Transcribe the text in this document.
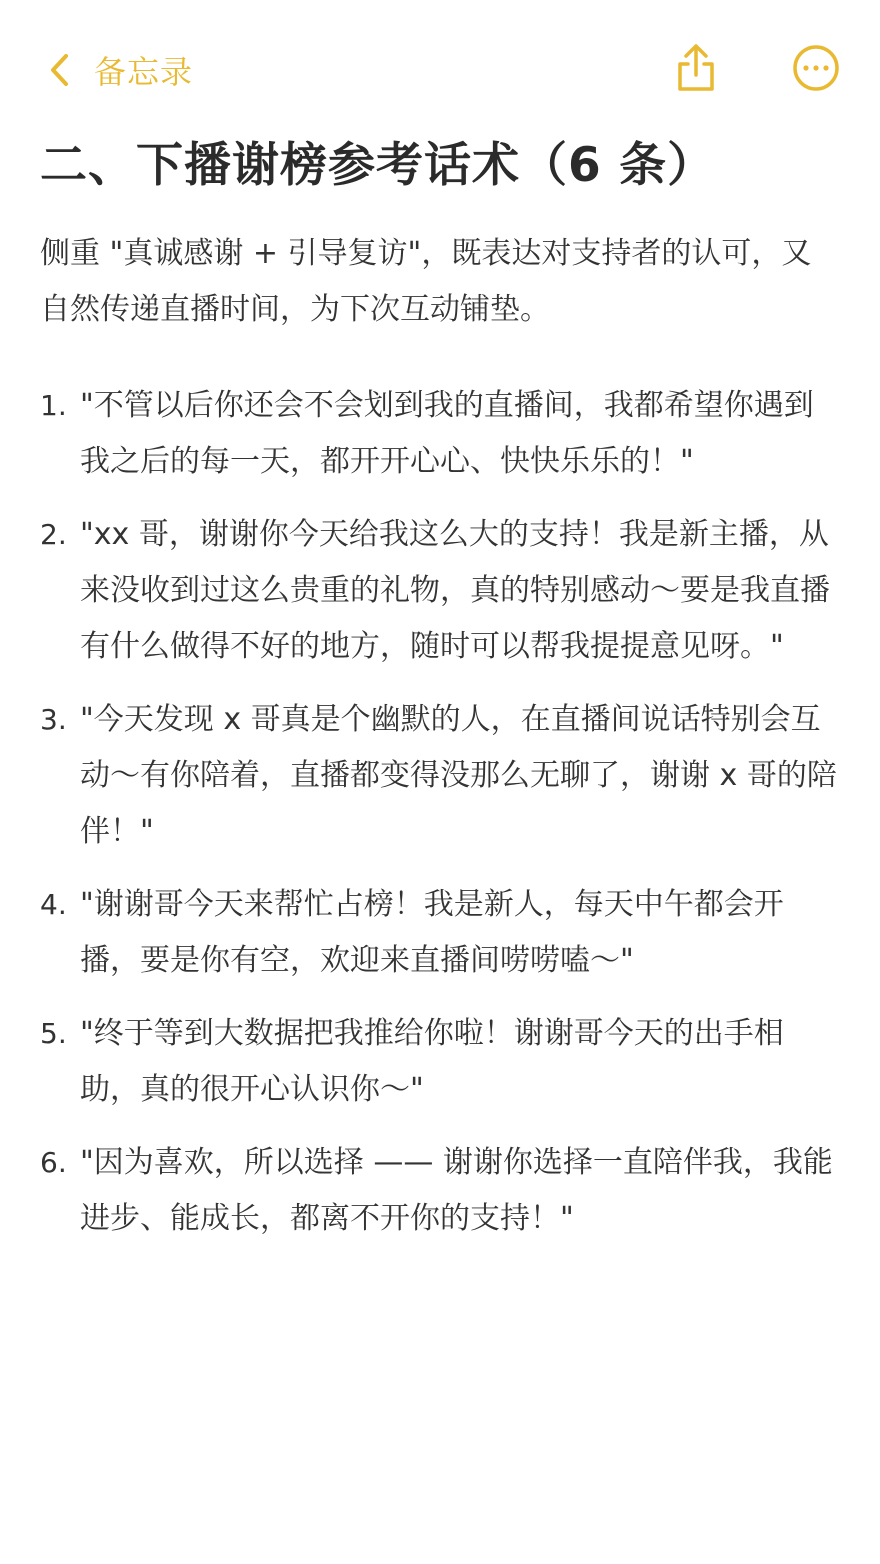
备忘录
二、下播谢榜参考话术（6 条）

侧重 "真诚感谢 + 引导复访"，既表达对支持者的认可，又自然传递直播时间，为下次互动铺垫。

1. "不管以后你还会不会划到我的直播间，我都希望你遇到我之后的每一天，都开开心心、快快乐乐的！"
2. "xx 哥，谢谢你今天给我这么大的支持！我是新主播，从来没收到过这么贵重的礼物，真的特别感动～要是我直播有什么做得不好的地方，随时可以帮我提提意见呀。"
3. "今天发现 x 哥真是个幽默的人，在直播间说话特别会互动～有你陪着，直播都变得没那么无聊了，谢谢 x 哥的陪伴！"
4. "谢谢哥今天来帮忙占榜！我是新人，每天中午都会开播，要是你有空，欢迎来直播间唠唠嗑～"
5. "终于等到大数据把我推给你啦！谢谢哥今天的出手相助，真的很开心认识你～"
6. "因为喜欢，所以选择 —— 谢谢你选择一直陪伴我，我能进步、能成长，都离不开你的支持！"
